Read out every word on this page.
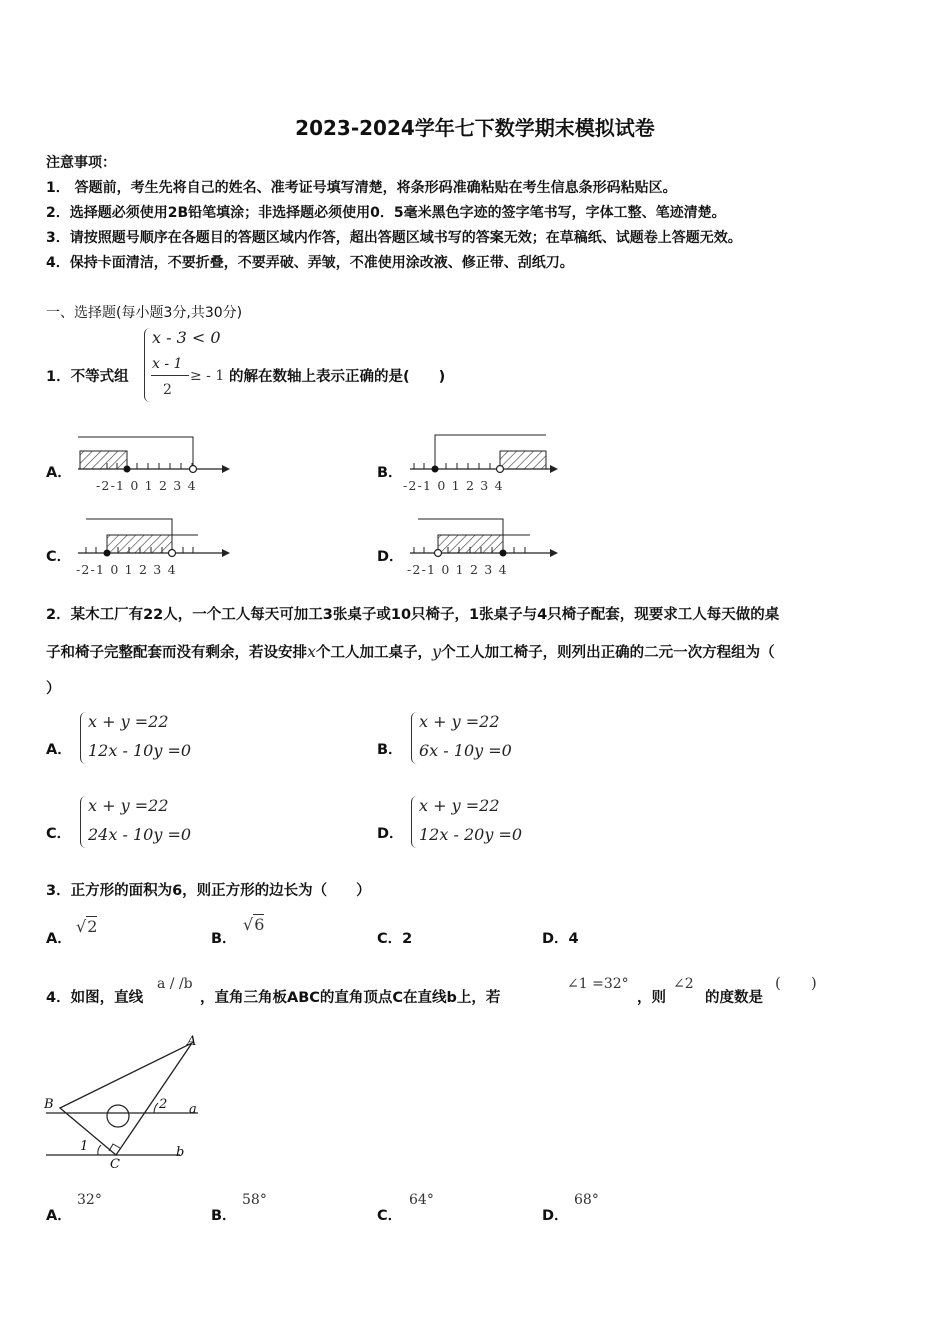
2023-2024学年七下数学期末模拟试卷
注意事项：
1． 答题前，考生先将自己的姓名、准考证号填写清楚，将条形码准确粘贴在考生信息条形码粘贴区。
2．选择题必须使用2B铅笔填涂；非选择题必须使用0．5毫米黑色字迹的签字笔书写，字体工整、笔迹清楚。
3．请按照题号顺序在各题目的答题区域内作答，超出答题区域书写的答案无效；在草稿纸、试题卷上答题无效。
4．保持卡面清洁，不要折叠，不要弄破、弄皱，不准使用涂改液、修正带、刮纸刀。
一、选择题(每小题3分,共30分)
1．不等式组
x - 3 < 0
x - 1
2
≥ - 1 的解在数轴上表示正确的是(　　)
A．	B．
C．	D．
-2-1 0 1 2 3 4	-2-1 0 1 2 3 4
-2-1 0 1 2 3 4	-2-1 0 1 2 3 4
2．某木工厂有22人，一个工人每天可加工3张桌子或10只椅子，1张桌子与4只椅子配套，现要求工人每天做的桌
子和椅子完整配套而没有剩余，若设安排x个工人加工桌子，y个工人加工椅子，则列出正确的二元一次方程组为（
）
A．
x + y =22
12x - 10y =0	B．
x + y =22
6x - 10y =0
C．
x + y =22
24x - 10y =0	D．
x + y =22
12x - 20y =0
3．正方形的面积为6，则正方形的边长为（　　）
A．
√2
B．
√6
C．2	D．4
4．如图，直线
a / /b
，直角三角板ABC的直角顶点C在直线b上，若
∠1 =32°
，则
∠2
的度数是
(　　)
A
B
C
a
b
1
2
A．
32°
B．
58°
C．
64°
D．
68°
